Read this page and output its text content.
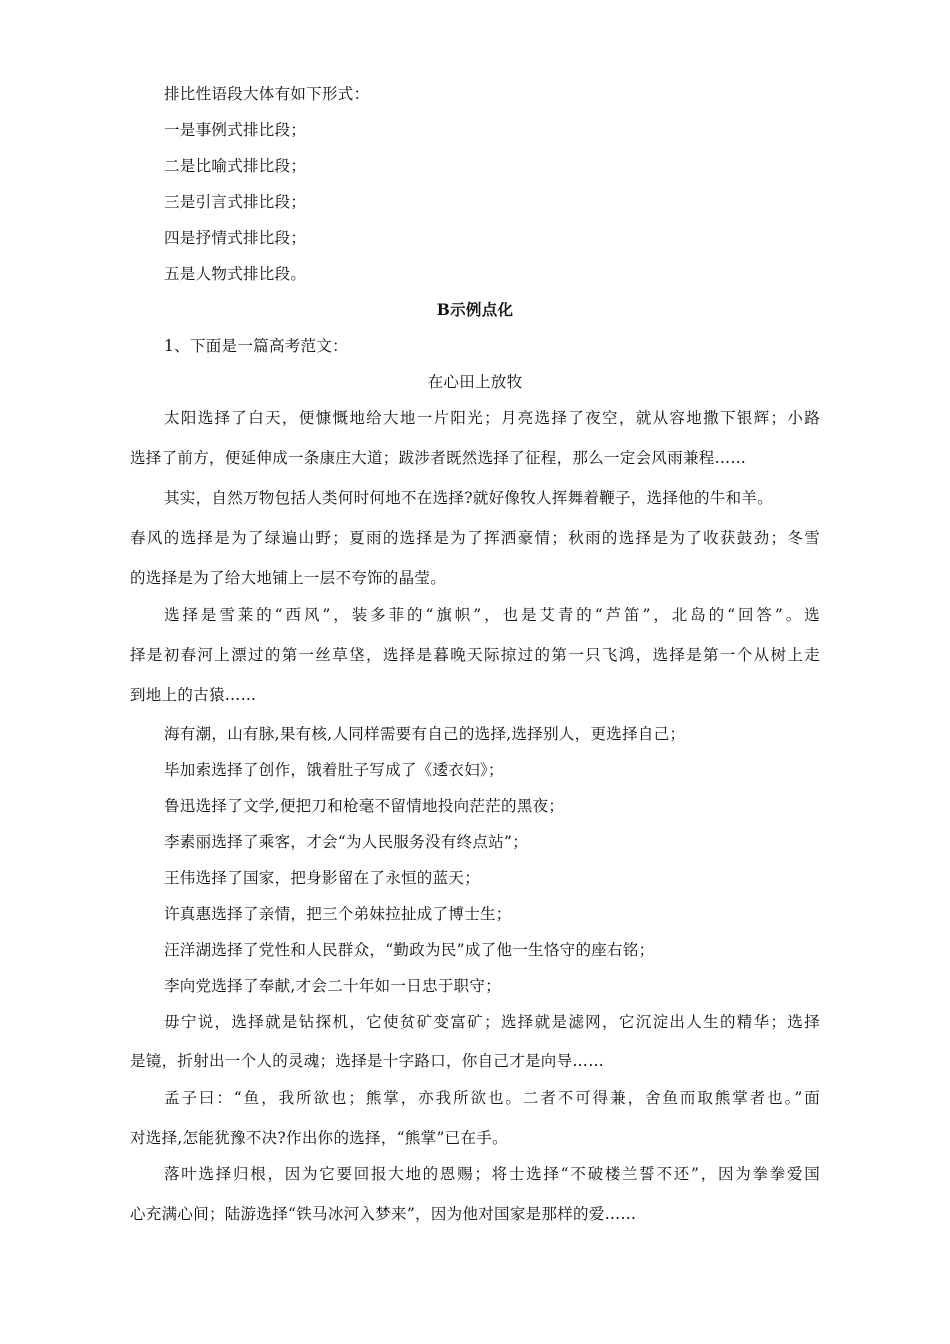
排比性语段大体有如下形式：
一是事例式排比段；
二是比喻式排比段；
三是引言式排比段；
四是抒情式排比段；
五是人物式排比段。
B示例点化
1、下面是一篇高考范文：
在心田上放牧
太阳选择了白天，便慷慨地给大地一片阳光；月亮选择了夜空，就从容地撒下银辉；小路
选择了前方，便延伸成一条康庄大道；跋涉者既然选择了征程，那么一定会风雨兼程……
其实，自然万物包括人类何时何地不在选择?就好像牧人挥舞着鞭子，选择他的牛和羊。
春风的选择是为了绿遍山野；夏雨的选择是为了挥洒豪情；秋雨的选择是为了收获鼓劲；冬雪
的选择是为了给大地铺上一层不夸饰的晶莹。
选择是雪莱的“西风”，装多菲的“旗帜”，也是艾青的“芦笛”，北岛的“回答”。选
择是初春河上漂过的第一丝草垡，选择是暮晚天际掠过的第一只飞鸿，选择是第一个从树上走
到地上的古猿……
海有潮，山有脉,果有核,人同样需要有自己的选择,选择别人，更选择自己；
毕加索选择了创作，饿着肚子写成了《逶衣妇》；
鲁迅选择了文学,便把刀和枪毫不留情地投向茫茫的黑夜；
李素丽选择了乘客，才会“为人民服务没有终点站”；
王伟选择了国家，把身影留在了永恒的蓝天；
许真惠选择了亲情，把三个弟妹拉扯成了博士生；
汪洋湖选择了党性和人民群众，“勤政为民”成了他一生恪守的座右铭；
李向党选择了奉献,才会二十年如一日忠于职守；
毋宁说，选择就是钻探机，它使贫矿变富矿；选择就是滤网，它沉淀出人生的精华；选择
是镜，折射出一个人的灵魂；选择是十字路口，你自己才是向导……
孟子曰：“鱼，我所欲也；熊掌，亦我所欲也。二者不可得兼，舍鱼而取熊掌者也。”面
对选择,怎能犹豫不决?作出你的选择，“熊掌”已在手。
落叶选择归根，因为它要回报大地的恩赐；将士选择“不破楼兰誓不还”，因为拳拳爱国
心充满心间；陆游选择“铁马冰河入梦来”，因为他对国家是那样的爱……
